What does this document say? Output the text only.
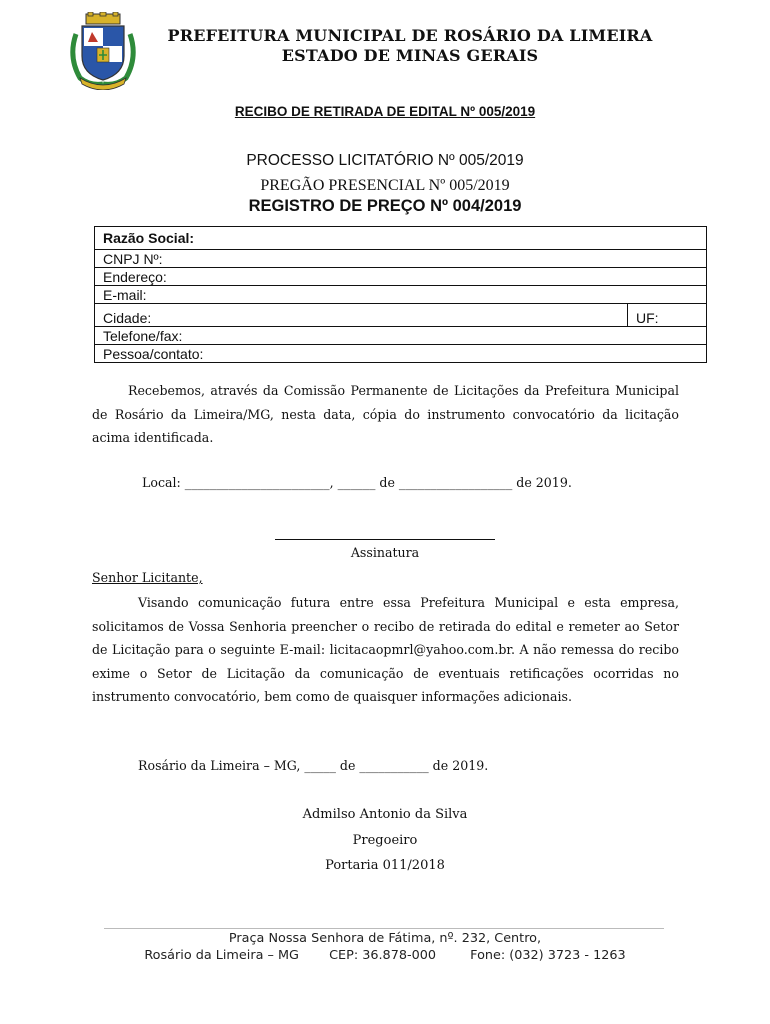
PREFEITURA MUNICIPAL DE ROSÁRIO DA LIMEIRA
ESTADO DE MINAS GERAIS
RECIBO DE RETIRADA DE EDITAL Nº 005/2019
PROCESSO LICITATÓRIO Nº 005/2019
PREGÃO PRESENCIAL Nº 005/2019
REGISTRO DE PREÇO Nº 004/2019
Razão Social:
CNPJ Nº:
Endereço:
E-mail:
Cidade:	UF:
Telefone/fax:
Pessoa/contato:
Recebemos, através da Comissão Permanente de Licitações da Prefeitura Municipal de Rosário da Limeira/MG, nesta data, cópia do instrumento convocatório da licitação acima identificada.
Local: _______________________, ______ de __________________ de 2019.
Assinatura
Senhor Licitante,
Visando comunicação futura entre essa Prefeitura Municipal e esta empresa, solicitamos de Vossa Senhoria preencher o recibo de retirada do edital e remeter ao Setor de Licitação para o seguinte E-mail: licitacaopmrl@yahoo.com.br. A não remessa do recibo exime o Setor de Licitação da comunicação de eventuais retificações ocorridas no instrumento convocatório, bem como de quaisquer informações adicionais.
Rosário da Limeira – MG, _____ de ___________ de 2019.
Admilso Antonio da Silva
Pregoeiro
Portaria 011/2018
Praça Nossa Senhora de Fátima, nº. 232, Centro,
Rosário da Limeira – MG CEP: 36.878-000	Fone: (032) 3723 - 1263
